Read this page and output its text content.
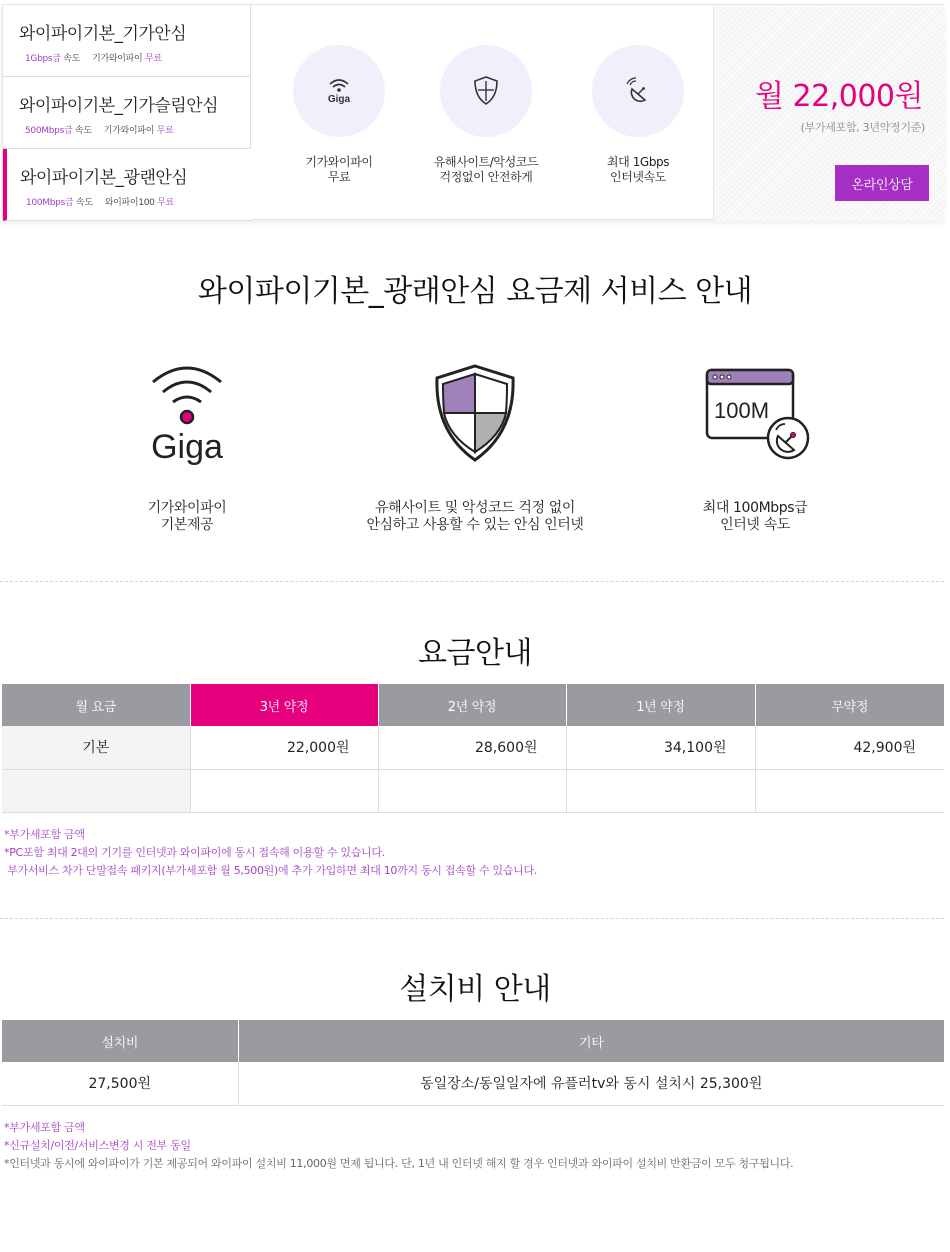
와이파이기본_기가안심
1Gbps급 속도 기가와이파이 무료
와이파이기본_기가슬림안심
500Mbps급 속도 기가와이파이 무료
와이파이기본_광랜안심
100Mbps급 속도 와이파이100 무료
Giga
기가와이파이
무료
유해사이트/악성코드
걱정없이 안전하게
최대 1Gbps
인터넷속도
월 22,000원
(부가세포함, 3년약정기준)
온라인상담
와이파이기본_광래안심 요금제 서비스 안내
Giga
기가와이파이
기본제공
유해사이트 및 악성코드 걱정 없이
안심하고 사용할 수 있는 안심 인터넷
100M
최대 100Mbps급
인터넷 속도
요금안내
월 요금	3년 약정	2년 약정	1년 약정	무약정
기본	22,000원	28,600원	34,100원	42,900원

*부가세포함 금액
*PC포함 최대 2대의 기기를 인터넷과 와이파이에 동시 접속해 이용할 수 있습니다.
부가서비스 차가 단말접속 패키지(부가세포함 월 5,500원)에 추가 가입하면 최대 10까지 동시 접속할 수 있습니다.
설치비 안내
설치비	기타
27,500원	동일장소/동일일자에 유플러tv와 동시 설치시 25,300원
*부가세포함 금액
*신규설치/이전/서비스변경 시 전부 동일
*인터넷과 동시에 와이파이가 기본 제공되어 와이파이 설치비 11,000원 면제 됩니다. 단, 1년 내 인터넷 해지 할 경우 인터넷과 와이파이 설치비 반환금이 모두 청구됩니다.
